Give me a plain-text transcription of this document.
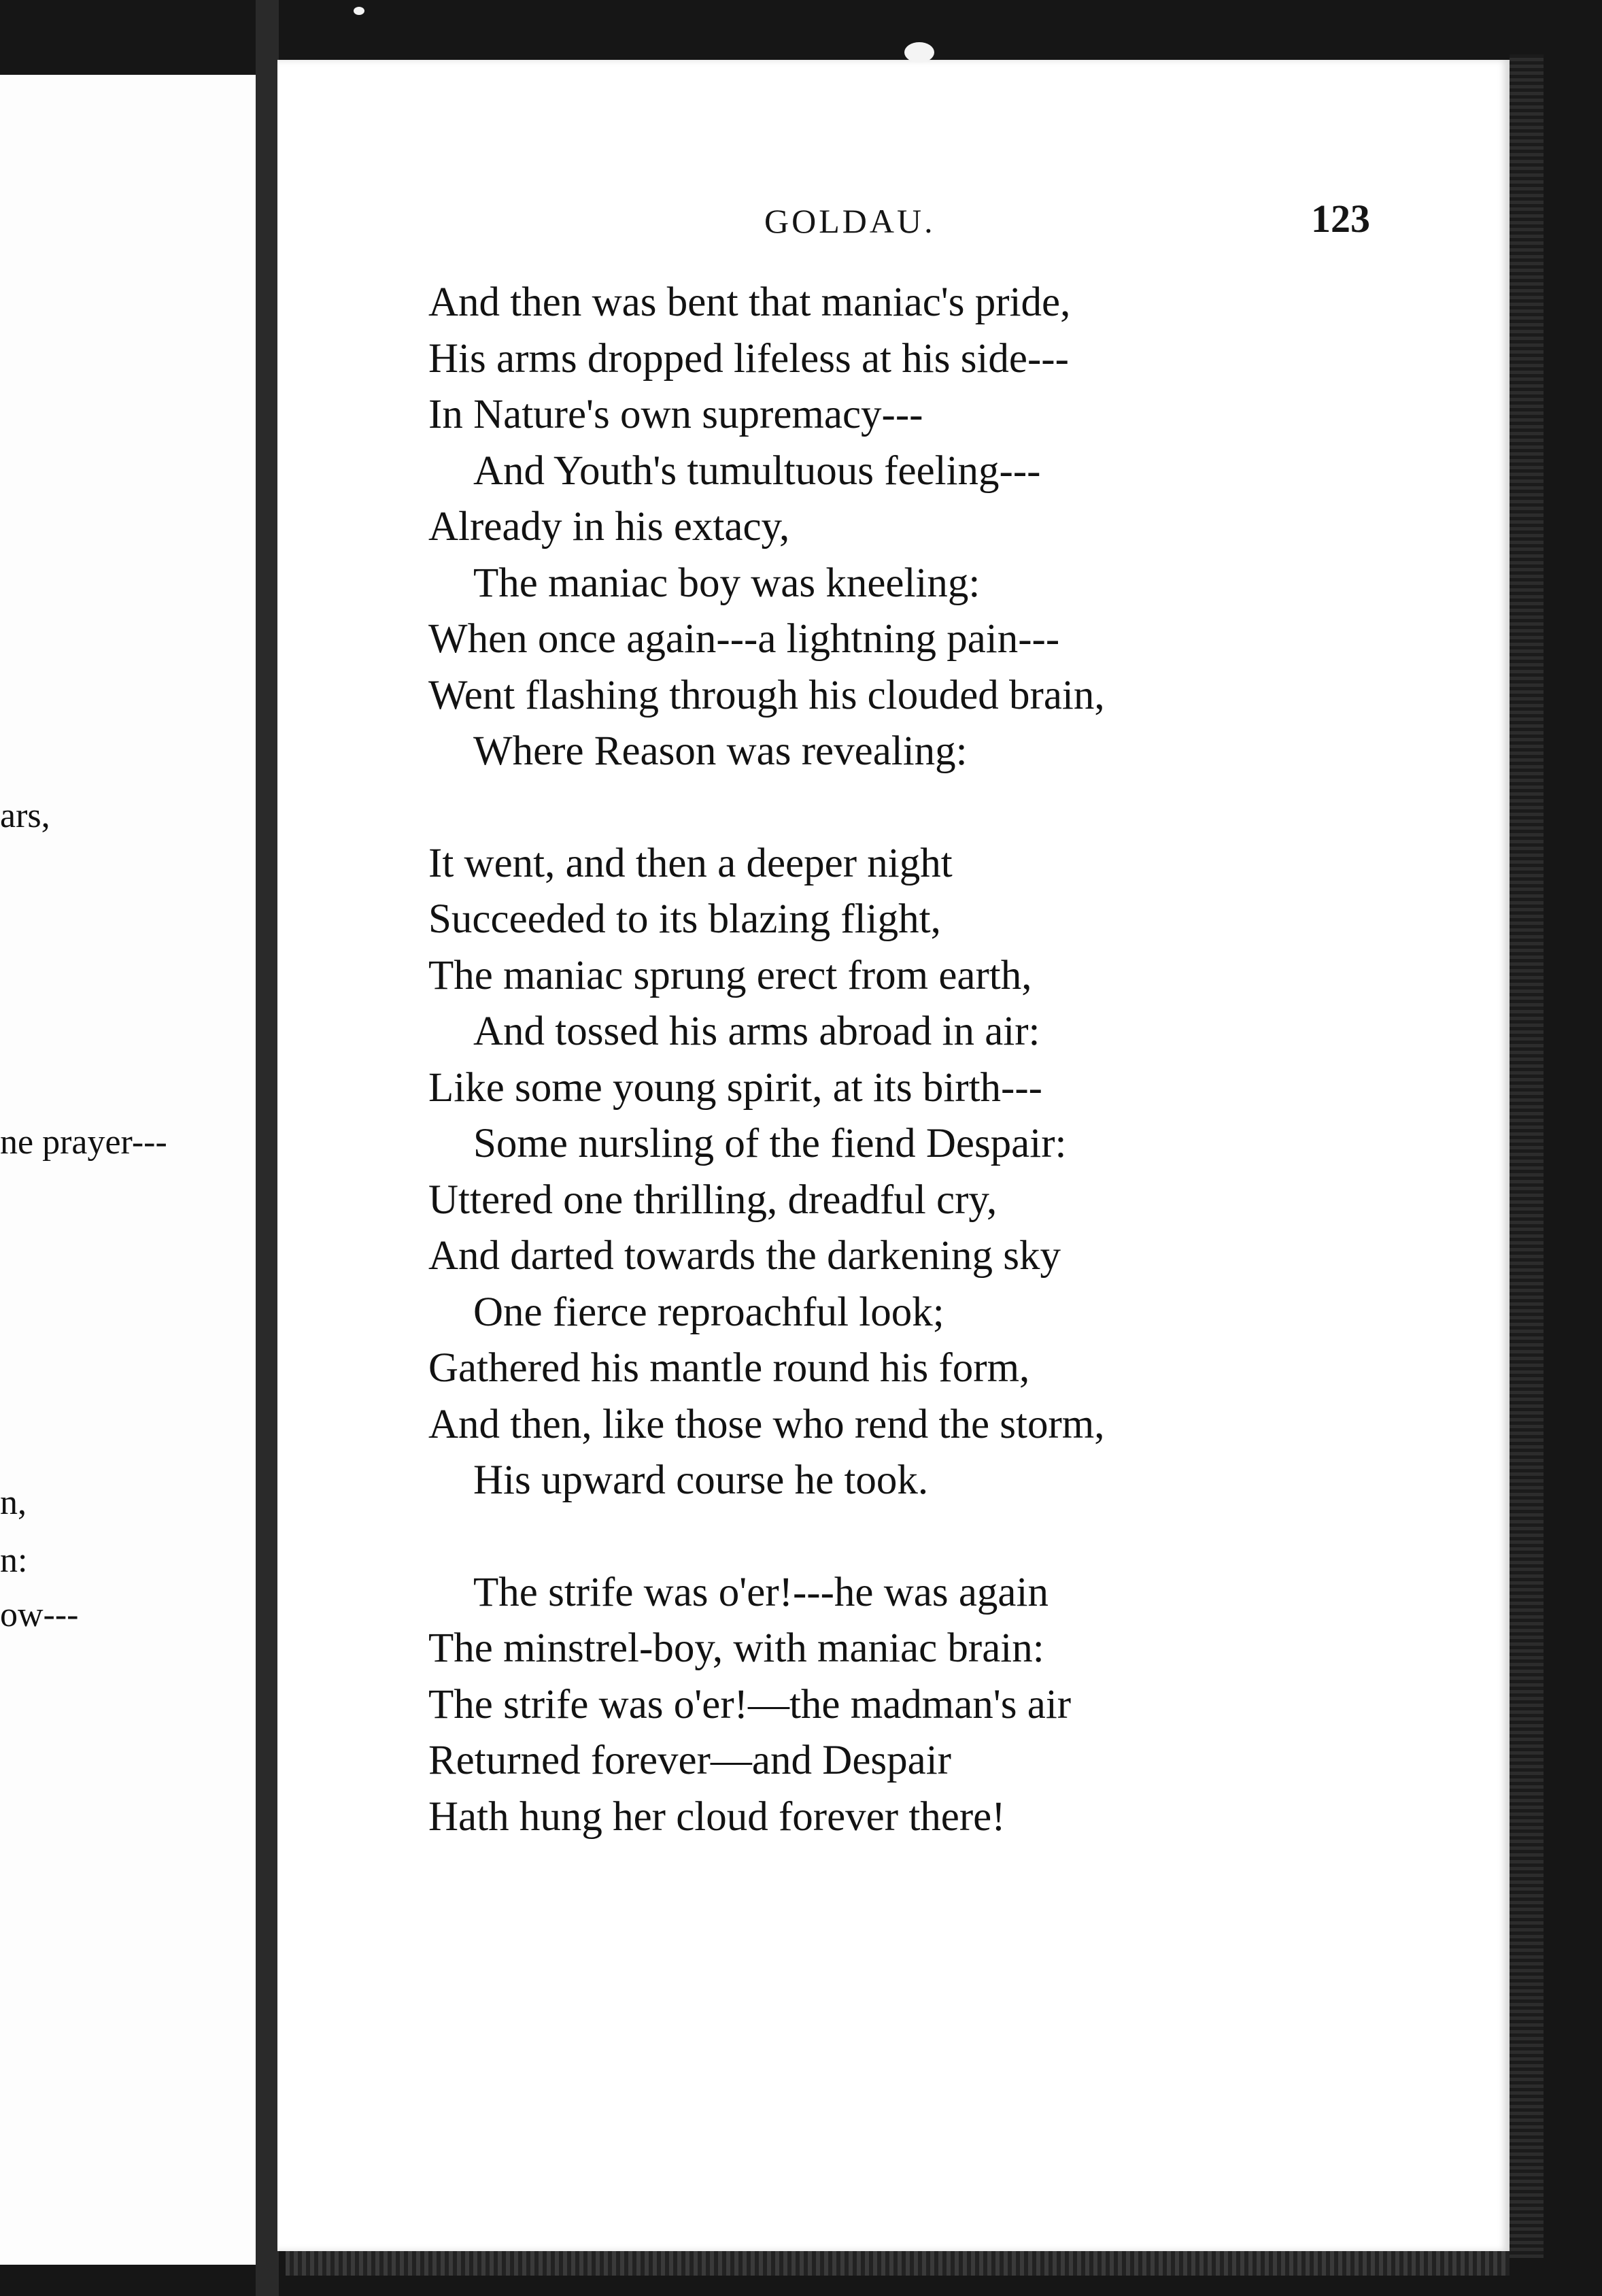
ars,
ne prayer---
n,
n:
ow---
GOLDAU.	123
And then was bent that maniac's pride,
His arms dropped lifeless at his side---
In Nature's own supremacy---
And Youth's tumultuous feeling---
Already in his extacy,
The maniac boy was kneeling:
When once again---a lightning pain---
Went flashing through his clouded brain,
Where Reason was revealing:
It went, and then a deeper night
Succeeded to its blazing flight,
The maniac sprung erect from earth,
And tossed his arms abroad in air:
Like some young spirit, at its birth---
Some nursling of the fiend Despair:
Uttered one thrilling, dreadful cry,
And darted towards the darkening sky
One fierce reproachful look;
Gathered his mantle round his form,
And then, like those who rend the storm,
His upward course he took.
The strife was o'er!---he was again
The minstrel-boy, with maniac brain:
The strife was o'er!—the madman's air
Returned forever—and Despair
Hath hung her cloud forever there!
